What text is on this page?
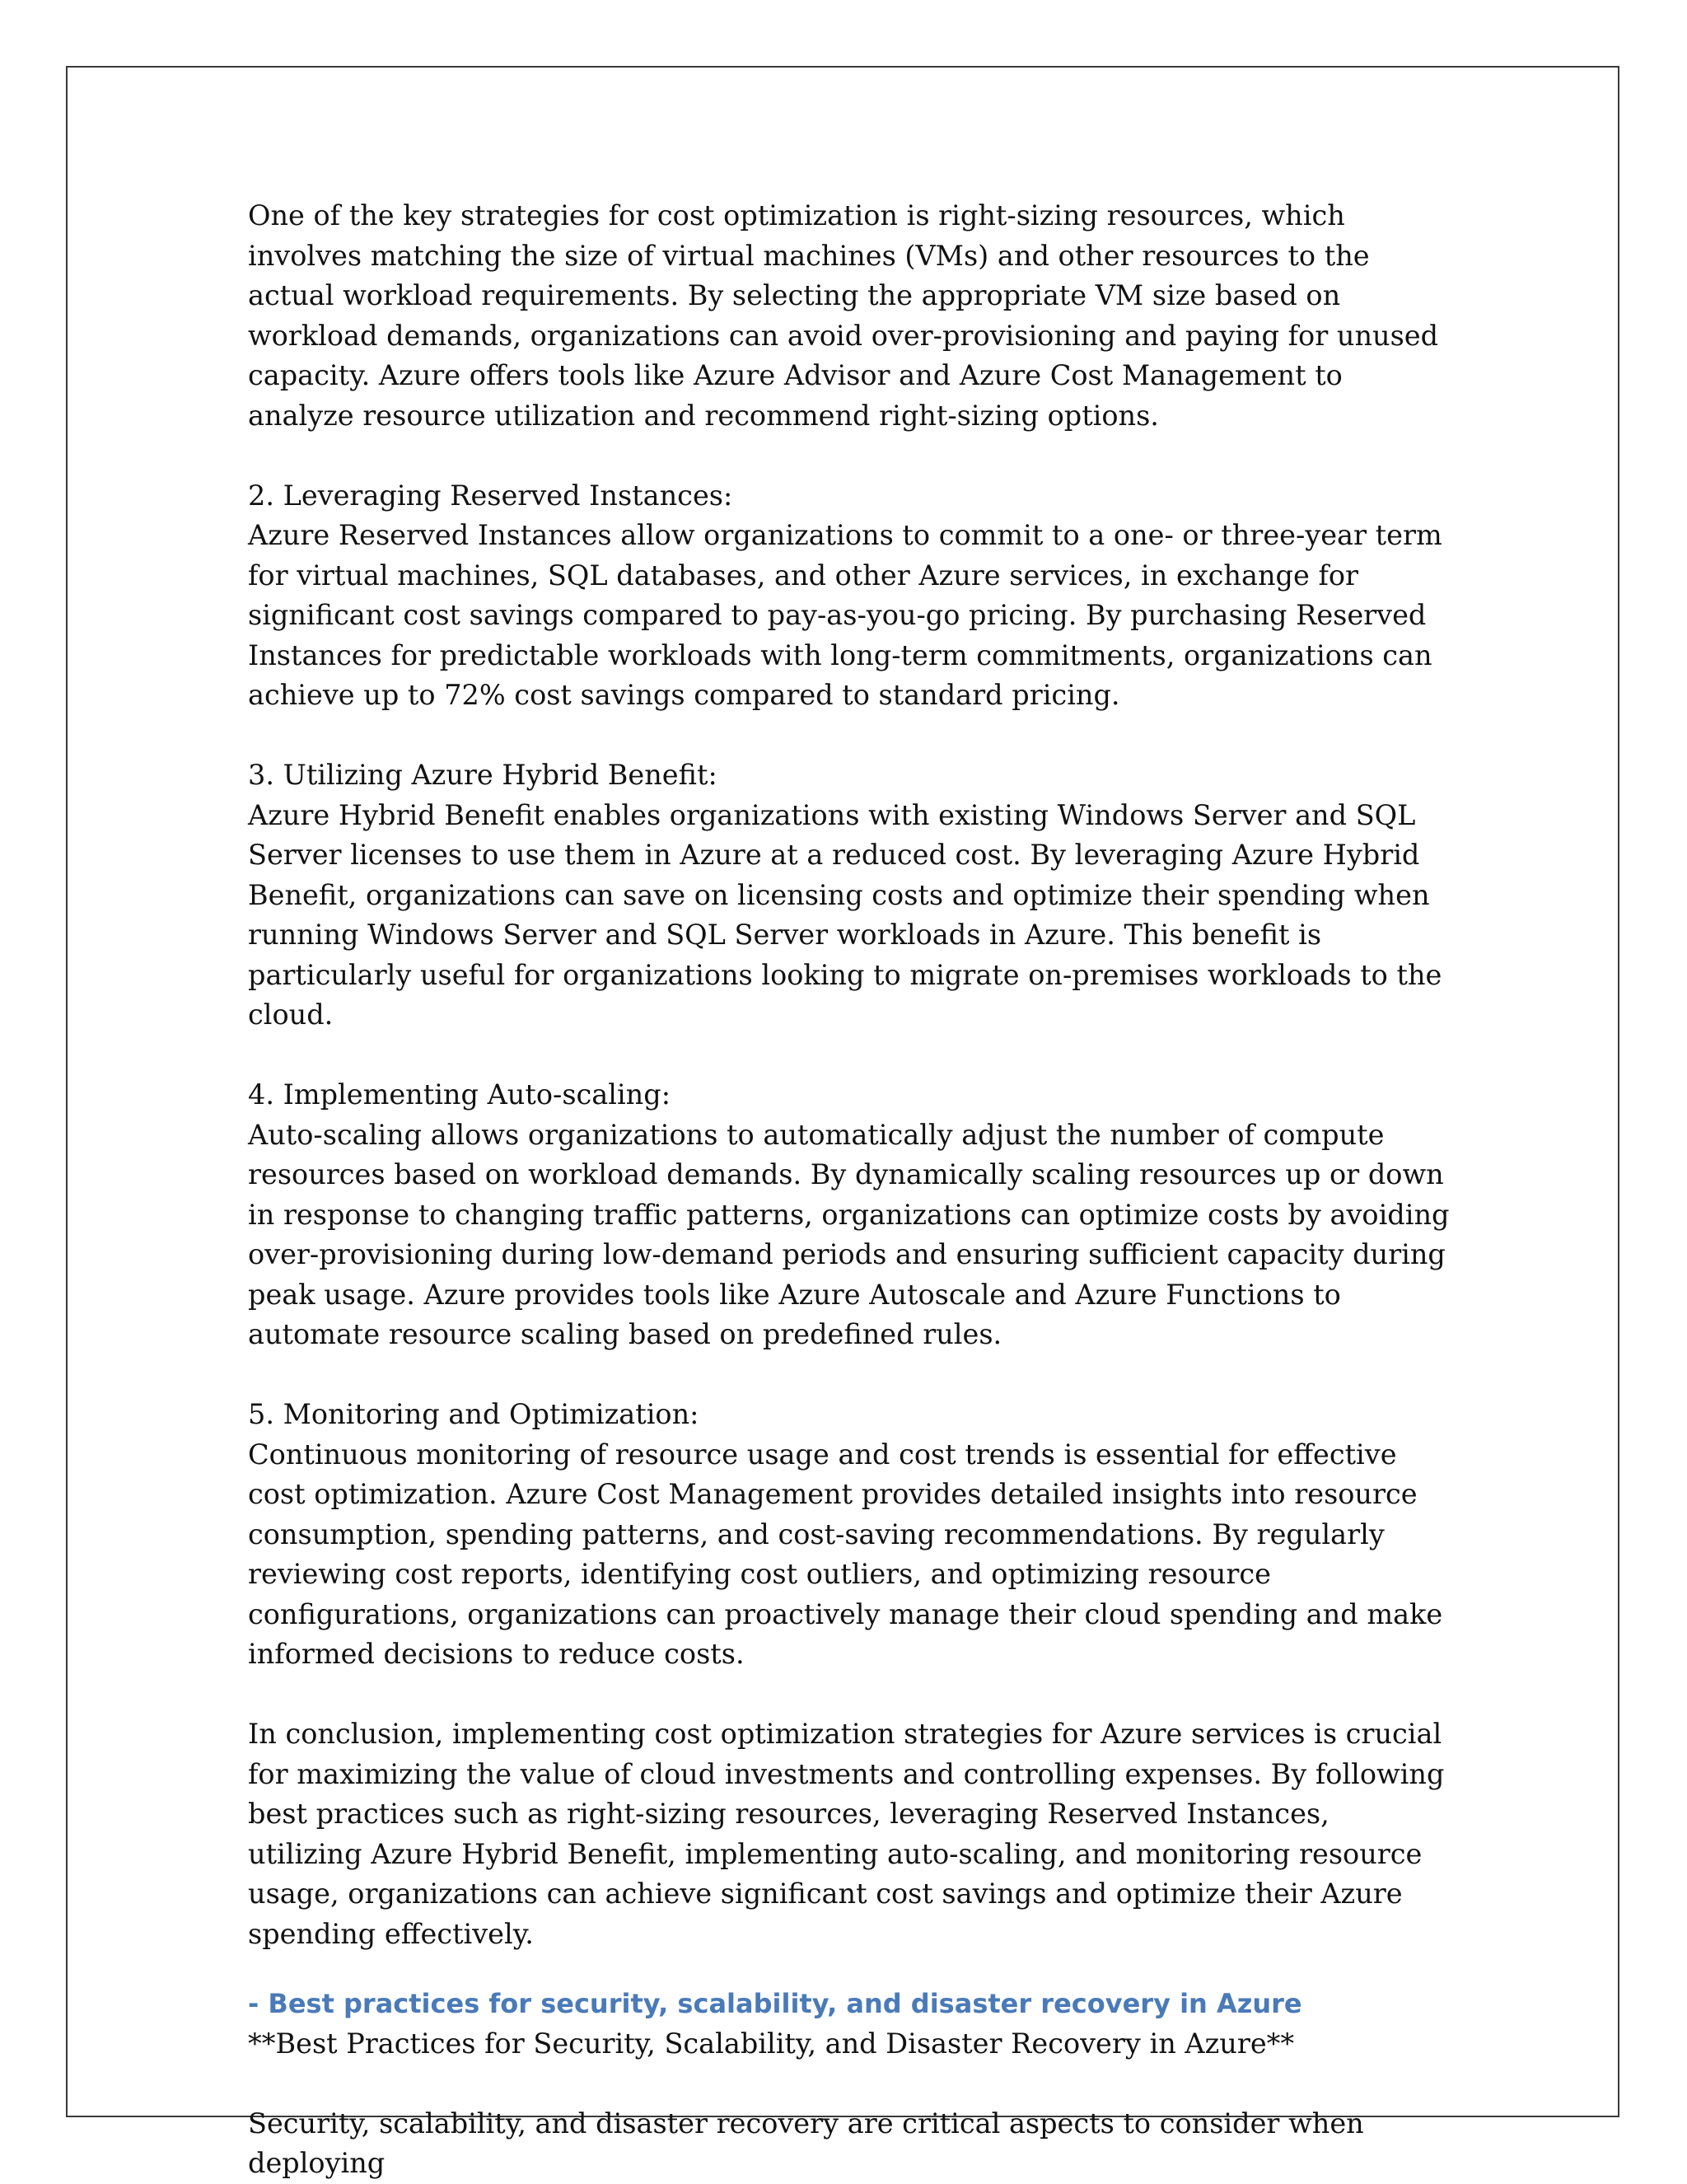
One of the key strategies for cost optimization is right-sizing resources, which involves matching the size of virtual machines (VMs) and other resources to the actual workload requirements. By selecting the appropriate VM size based on workload demands, organizations can avoid over-provisioning and paying for unused capacity. Azure offers tools like Azure Advisor and Azure Cost Management to analyze resource utilization and recommend right-sizing options.

2. Leveraging Reserved Instances:

Azure Reserved Instances allow organizations to commit to a one- or three-year term for virtual machines, SQL databases, and other Azure services, in exchange for significant cost savings compared to pay-as-you-go pricing. By purchasing Reserved Instances for predictable workloads with long-term commitments, organizations can achieve up to 72% cost savings compared to standard pricing.

3. Utilizing Azure Hybrid Benefit:

Azure Hybrid Benefit enables organizations with existing Windows Server and SQL Server licenses to use them in Azure at a reduced cost. By leveraging Azure Hybrid Benefit, organizations can save on licensing costs and optimize their spending when running Windows Server and SQL Server workloads in Azure. This benefit is particularly useful for organizations looking to migrate on-premises workloads to the cloud.

4. Implementing Auto-scaling:

Auto-scaling allows organizations to automatically adjust the number of compute resources based on workload demands. By dynamically scaling resources up or down in response to changing traffic patterns, organizations can optimize costs by avoiding over-provisioning during low-demand periods and ensuring sufficient capacity during peak usage. Azure provides tools like Azure Autoscale and Azure Functions to automate resource scaling based on predefined rules.

5. Monitoring and Optimization:

Continuous monitoring of resource usage and cost trends is essential for effective cost optimization. Azure Cost Management provides detailed insights into resource consumption, spending patterns, and cost-saving recommendations. By regularly reviewing cost reports, identifying cost outliers, and optimizing resource configurations, organizations can proactively manage their cloud spending and make informed decisions to reduce costs.

In conclusion, implementing cost optimization strategies for Azure services is crucial for maximizing the value of cloud investments and controlling expenses. By following best practices such as right-sizing resources, leveraging Reserved Instances, utilizing Azure Hybrid Benefit, implementing auto-scaling, and monitoring resource usage, organizations can achieve significant cost savings and optimize their Azure spending effectively.

- Best practices for security, scalability, and disaster recovery in Azure

**Best Practices for Security, Scalability, and Disaster Recovery in Azure**

Security, scalability, and disaster recovery are critical aspects to consider when deploying
